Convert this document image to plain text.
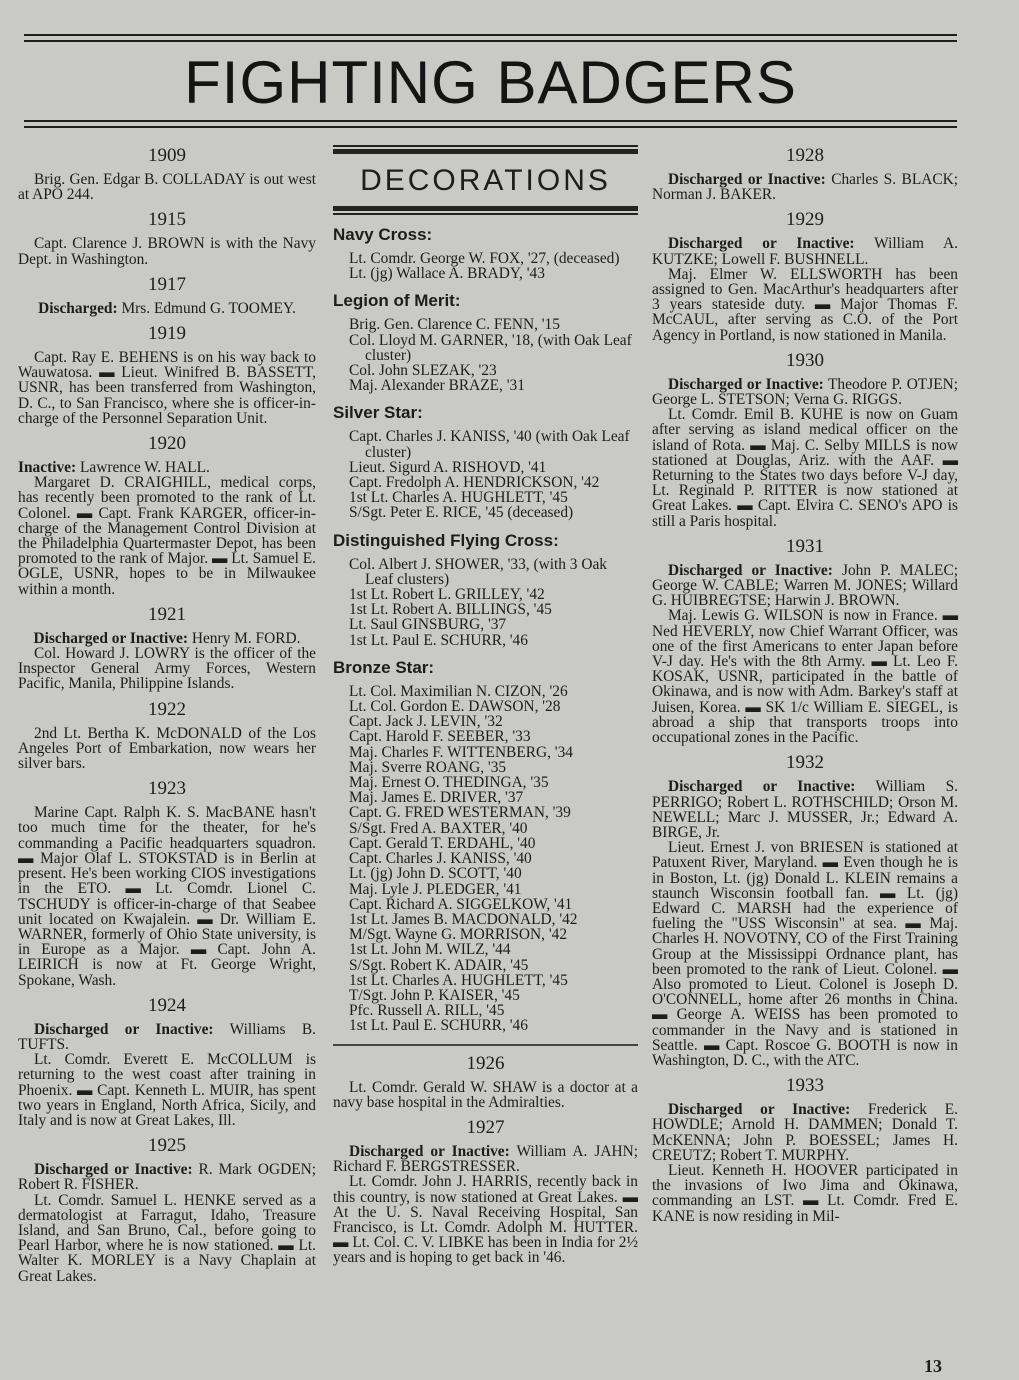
FIGHTING BADGERS
1909

Brig. Gen. Edgar B. COLLADAY is out west at APO 244.

1915

Capt. Clarence J. BROWN is with the Navy Dept. in Washington.

1917

Discharged: Mrs. Edmund G. TOOMEY.

1919

Capt. Ray E. BEHENS is on his way back to Wauwatosa. ▬ Lieut. Winifred B. BASSETT, USNR, has been transferred from Washington, D. C., to San Francisco, where she is officer-in-charge of the Personnel Separation Unit.

1920

Inactive: Lawrence W. HALL.

Margaret D. CRAIGHILL, medical corps, has recently been promoted to the rank of Lt. Colonel. ▬ Capt. Frank KARGER, officer-in-charge of the Management Control Division at the Philadelphia Quartermaster Depot, has been promoted to the rank of Major. ▬ Lt. Samuel E. OGLE, USNR, hopes to be in Milwaukee within a month.

1921

Discharged or Inactive: Henry M. FORD.

Col. Howard J. LOWRY is the officer of the Inspector General Army Forces, Western Pacific, Manila, Philippine Islands.

1922

2nd Lt. Bertha K. McDONALD of the Los Angeles Port of Embarkation, now wears her silver bars.

1923

Marine Capt. Ralph K. S. MacBANE hasn't too much time for the theater, for he's commanding a Pacific headquarters squadron. ▬ Major Olaf L. STOKSTAD is in Berlin at present. He's been working CIOS investigations in the ETO. ▬ Lt. Comdr. Lionel C. TSCHUDY is officer-in-charge of that Seabee unit located on Kwajalein. ▬ Dr. William E. WARNER, formerly of Ohio State university, is in Europe as a Major. ▬ Capt. John A. LEIRICH is now at Ft. George Wright, Spokane, Wash.

1924

Discharged or Inactive: Williams B. TUFTS.

Lt. Comdr. Everett E. McCOLLUM is returning to the west coast after training in Phoenix. ▬ Capt. Kenneth L. MUIR, has spent two years in England, North Africa, Sicily, and Italy and is now at Great Lakes, Ill.

1925

Discharged or Inactive: R. Mark OGDEN; Robert R. FISHER.

Lt. Comdr. Samuel L. HENKE served as a dermatologist at Farragut, Idaho, Treasure Island, and San Bruno, Cal., before going to Pearl Harbor, where he is now stationed. ▬ Lt. Walter K. MORLEY is a Navy Chaplain at Great Lakes.

DECORATIONS
Navy Cross:
Lt. Comdr. George W. FOX, '27, (deceased)
Lt. (jg) Wallace A. BRADY, '43
Legion of Merit:
Brig. Gen. Clarence C. FENN, '15
Col. Lloyd M. GARNER, '18, (with Oak Leaf cluster)
Col. John SLEZAK, '23
Maj. Alexander BRAZE, '31
Silver Star:
Capt. Charles J. KANISS, '40 (with Oak Leaf cluster)
Lieut. Sigurd A. RISHOVD, '41
Capt. Fredolph A. HENDRICKSON, '42
1st Lt. Charles A. HUGHLETT, '45
S/Sgt. Peter E. RICE, '45 (deceased)
Distinguished Flying Cross:
Col. Albert J. SHOWER, '33, (with 3 Oak Leaf clusters)
1st Lt. Robert L. GRILLEY, '42
1st Lt. Robert A. BILLINGS, '45
Lt. Saul GINSBURG, '37
1st Lt. Paul E. SCHURR, '46
Bronze Star:
Lt. Col. Maximilian N. CIZON, '26
Lt. Col. Gordon E. DAWSON, '28
Capt. Jack J. LEVIN, '32
Capt. Harold F. SEEBER, '33
Maj. Charles F. WITTENBERG, '34
Maj. Sverre ROANG, '35
Maj. Ernest O. THEDINGA, '35
Maj. James E. DRIVER, '37
Capt. G. FRED WESTERMAN, '39
S/Sgt. Fred A. BAXTER, '40
Capt. Gerald T. ERDAHL, '40
Capt. Charles J. KANISS, '40
Lt. (jg) John D. SCOTT, '40
Maj. Lyle J. PLEDGER, '41
Capt. Richard A. SIGGELKOW, '41
1st Lt. James B. MACDONALD, '42
M/Sgt. Wayne G. MORRISON, '42
1st Lt. John M. WILZ, '44
S/Sgt. Robert K. ADAIR, '45
1st Lt. Charles A. HUGHLETT, '45
T/Sgt. John P. KAISER, '45
Pfc. Russell A. RILL, '45
1st Lt. Paul E. SCHURR, '46
1926

Lt. Comdr. Gerald W. SHAW is a doctor at a navy base hospital in the Admiralties.

1927

Discharged or Inactive: William A. JAHN; Richard F. BERGSTRESSER.

Lt. Comdr. John J. HARRIS, recently back in this country, is now stationed at Great Lakes. ▬ At the U. S. Naval Receiving Hospital, San Francisco, is Lt. Comdr. Adolph M. HUTTER. ▬ Lt. Col. C. V. LIBKE has been in India for 2½ years and is hoping to get back in '46.

1928

Discharged or Inactive: Charles S. BLACK; Norman J. BAKER.

1929

Discharged or Inactive: William A. KUTZKE; Lowell F. BUSHNELL.

Maj. Elmer W. ELLSWORTH has been assigned to Gen. MacArthur's headquarters after 3 years stateside duty. ▬ Major Thomas F. McCAUL, after serving as C.O. of the Port Agency in Portland, is now stationed in Manila.

1930

Discharged or Inactive: Theodore P. OTJEN; George L. STETSON; Verna G. RIGGS.

Lt. Comdr. Emil B. KUHE is now on Guam after serving as island medical officer on the island of Rota. ▬ Maj. C. Selby MILLS is now stationed at Douglas, Ariz. with the AAF. ▬ Returning to the States two days before V-J day, Lt. Reginald P. RITTER is now stationed at Great Lakes. ▬ Capt. Elvira C. SENO's APO is still a Paris hospital.

1931

Discharged or Inactive: John P. MALEC; George W. CABLE; Warren M. JONES; Willard G. HUIBREGTSE; Harwin J. BROWN.

Maj. Lewis G. WILSON is now in France. ▬ Ned HEVERLY, now Chief Warrant Officer, was one of the first Americans to enter Japan before V-J day. He's with the 8th Army. ▬ Lt. Leo F. KOSAK, USNR, participated in the battle of Okinawa, and is now with Adm. Barkey's staff at Juisen, Korea. ▬ SK 1/c William E. SIEGEL, is abroad a ship that transports troops into occupational zones in the Pacific.

1932

Discharged or Inactive: William S. PERRIGO; Robert L. ROTHSCHILD; Orson M. NEWELL; Marc J. MUSSER, Jr.; Edward A. BIRGE, Jr.

Lieut. Ernest J. von BRIESEN is stationed at Patuxent River, Maryland. ▬ Even though he is in Boston, Lt. (jg) Donald L. KLEIN remains a staunch Wisconsin football fan. ▬ Lt. (jg) Edward C. MARSH had the experience of fueling the "USS Wisconsin" at sea. ▬ Maj. Charles H. NOVOTNY, CO of the First Training Group at the Mississippi Ordnance plant, has been promoted to the rank of Lieut. Colonel. ▬ Also promoted to Lieut. Colonel is Joseph D. O'CONNELL, home after 26 months in China. ▬ George A. WEISS has been promoted to commander in the Navy and is stationed in Seattle. ▬ Capt. Roscoe G. BOOTH is now in Washington, D. C., with the ATC.

1933

Discharged or Inactive: Frederick E. HOWDLE; Arnold H. DAMMEN; Donald T. McKENNA; John P. BOESSEL; James H. CREUTZ; Robert T. MURPHY.

Lieut. Kenneth H. HOOVER participated in the invasions of Iwo Jima and Okinawa, commanding an LST. ▬ Lt. Comdr. Fred E. KANE is now residing in Mil-

13
